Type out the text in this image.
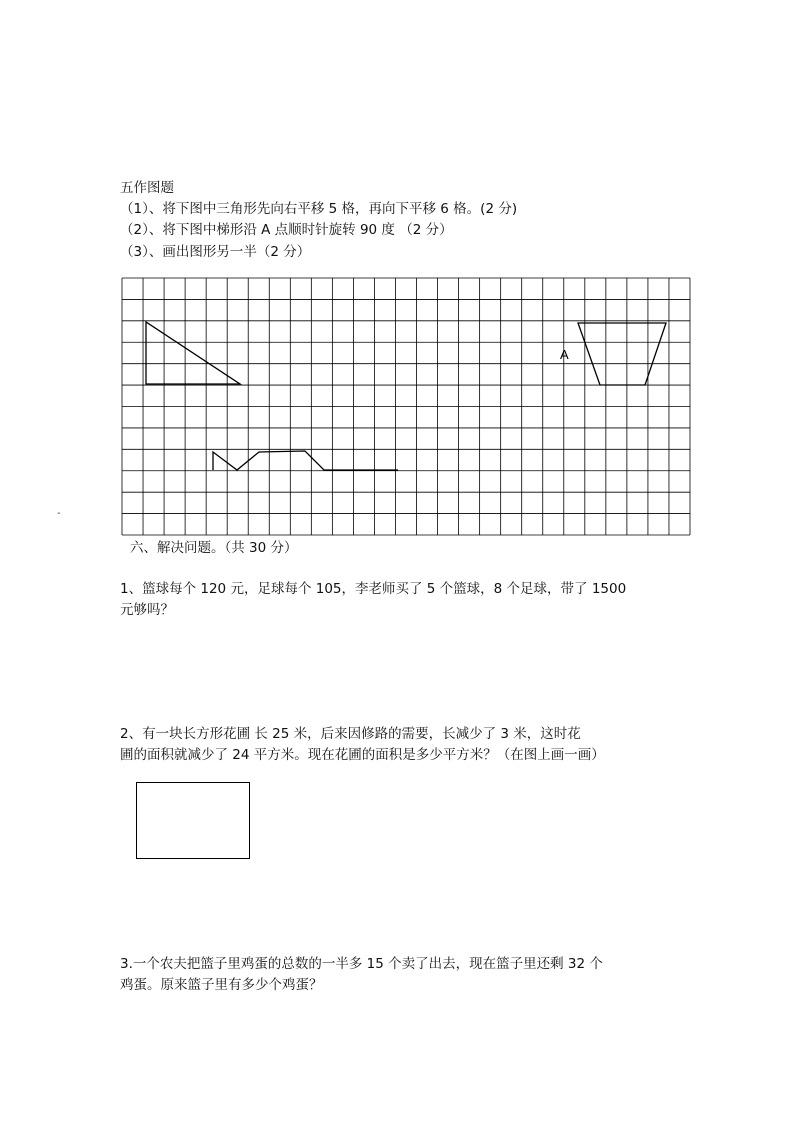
五作图题
（1）、将下图中三角形先向右平移 5 格，再向下平移 6 格。(2 分)
（2）、将下图中梯形沿 A 点顺时针旋转 90 度 （2 分）
（3）、画出图形另一半（2 分）
A
-
六、解决问题。（共 30 分）
1、篮球每个 120 元，足球每个 105，李老师买了 5 个篮球，8 个足球，带了 1500
元够吗？
2、有一块长方形花圃 长 25 米，后来因修路的需要，长减少了 3 米，这时花
圃的面积就减少了 24 平方米。现在花圃的面积是多少平方米？（在图上画一画）
3.一个农夫把篮子里鸡蛋的总数的一半多 15 个卖了出去，现在篮子里还剩 32 个
鸡蛋。原来篮子里有多少个鸡蛋？
